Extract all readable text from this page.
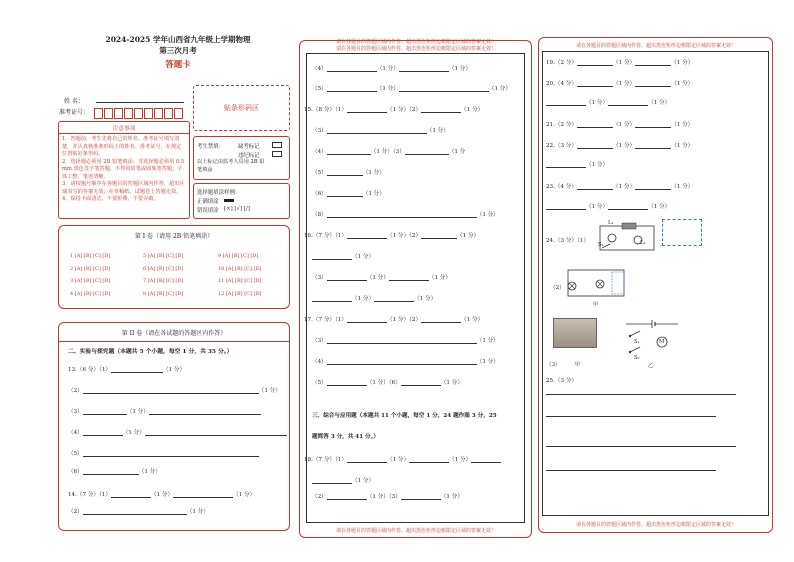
2024-2025 学年山西省九年级上学期物理
第三次月考
答题卡
姓 名：
准考证号：
贴条形码区
注意事项
1．答题前，考生先将自己的姓名、准考证号填写清楚，并认真核准条形码上的姓名、准考证号，在规定位置贴好条形码。
2．选择题必须用 2B 铅笔填涂；非选择题必须用 0.5 mm 黑色签字笔答题，不得用铅笔或圆珠笔答题；字体工整、笔迹清晰。
3．请按题号顺序在各题目的答题区域内作答，超出区域书写的答案无效；在草稿纸、试题卷上答题无效。
4．保持卡面清洁，不要折叠、不要弄破。
考生禁填：	缺考标记
违纪标记
以上标记由监考人员用 2B 铅笔填涂
选择题填涂样例：
正确填涂
错误填涂 [×] [√] [/]
第 I 卷（请用 2B 铅笔填涂）
1 [A] [B] [C] [D]
2 [A] [B] [C] [D]
3 [A] [B] [C] [D]
4 [A] [B] [C] [D]
5 [A] [B] [C] [D]
6 [A] [B] [C] [D]
7 [A] [B] [C] [D]
8 [A] [B] [C] [D]
9 [A] [B] [C] [D]
10 [A] [B] [C] [D]
11 [A] [B] [C] [D]
12 [A] [B] [C] [D]
第 II 卷（请在各试题的答题区内作答）
二、实验与探究题（本题共 5 个小题，每空 1 分，共 35 分。）
13.（6 分）（1）	（1 分）
（2）	（1 分）
（3）	（1 分）
（4）	（1 分）
（5）
（6）	（1 分）
14.（7 分）（1）	（1 分）	（1 分）
（2）	（1 分）
请在各题目的答题区域内作答，超出黑色矩形边框限定区域的答案无效！
请在各题目的答题区域内作答，超出黑色矩形边框限定区域的答案无效！
（4）	（1 分）	（1 分）
（5）	（1 分）	（1 分）
15.（8 分）（1）	（1 分）（2）	（1 分）
（3）	（1 分）
（4）	（1 分）（3）	（1 分
（5）	（1 分）
（6）	（1 分）
（8）	（1 分）
16.（7 分）（1）	（1 分）（2）	（1 分）
（1 分）
（3）	（1 分）	（1 分）
（1 分）	（1 分）
17.（7 分）（1）	（1 分）（2）	（1 分）
（3）	（1 分）
（4）	（1 分）
（5）	（1 分）（6）	（1 分）
三、综合与应用题（本题共 11 个小题，每空 1 分，24 题作图 3 分，25
题简答 3 分，共 41 分。）
18.（7 分）（1）	（1 分）	（1 分）
（1 分）
（2）	（1 分）（3）	（1 分）
请在各题目的答题区域内作答，超出黑色矩形边框限定区域的答案无效！
请在各题目的答题区域内作答，超出黑色矩形边框限定区域的答案无效！
19.（2 分）	（1 分）	（1 分）
20.（4 分）	（1 分）	（1 分）
（1 分）	（1 分）
21.（2 分）	（1 分）	（1 分）
22.（3 分）	（1 分）	（1 分）
（1 分）
23.（4 分）	（1 分）	（1 分）
（1 分）	（1 分）
24.（3 分）（1）
L₁
L₂
S₁
（2）
甲
M
S₁
S₂
乙
甲
（3）
25.（3 分）
请在各题目的答题区域内作答，超出黑色矩形边框限定区域的答案无效！
